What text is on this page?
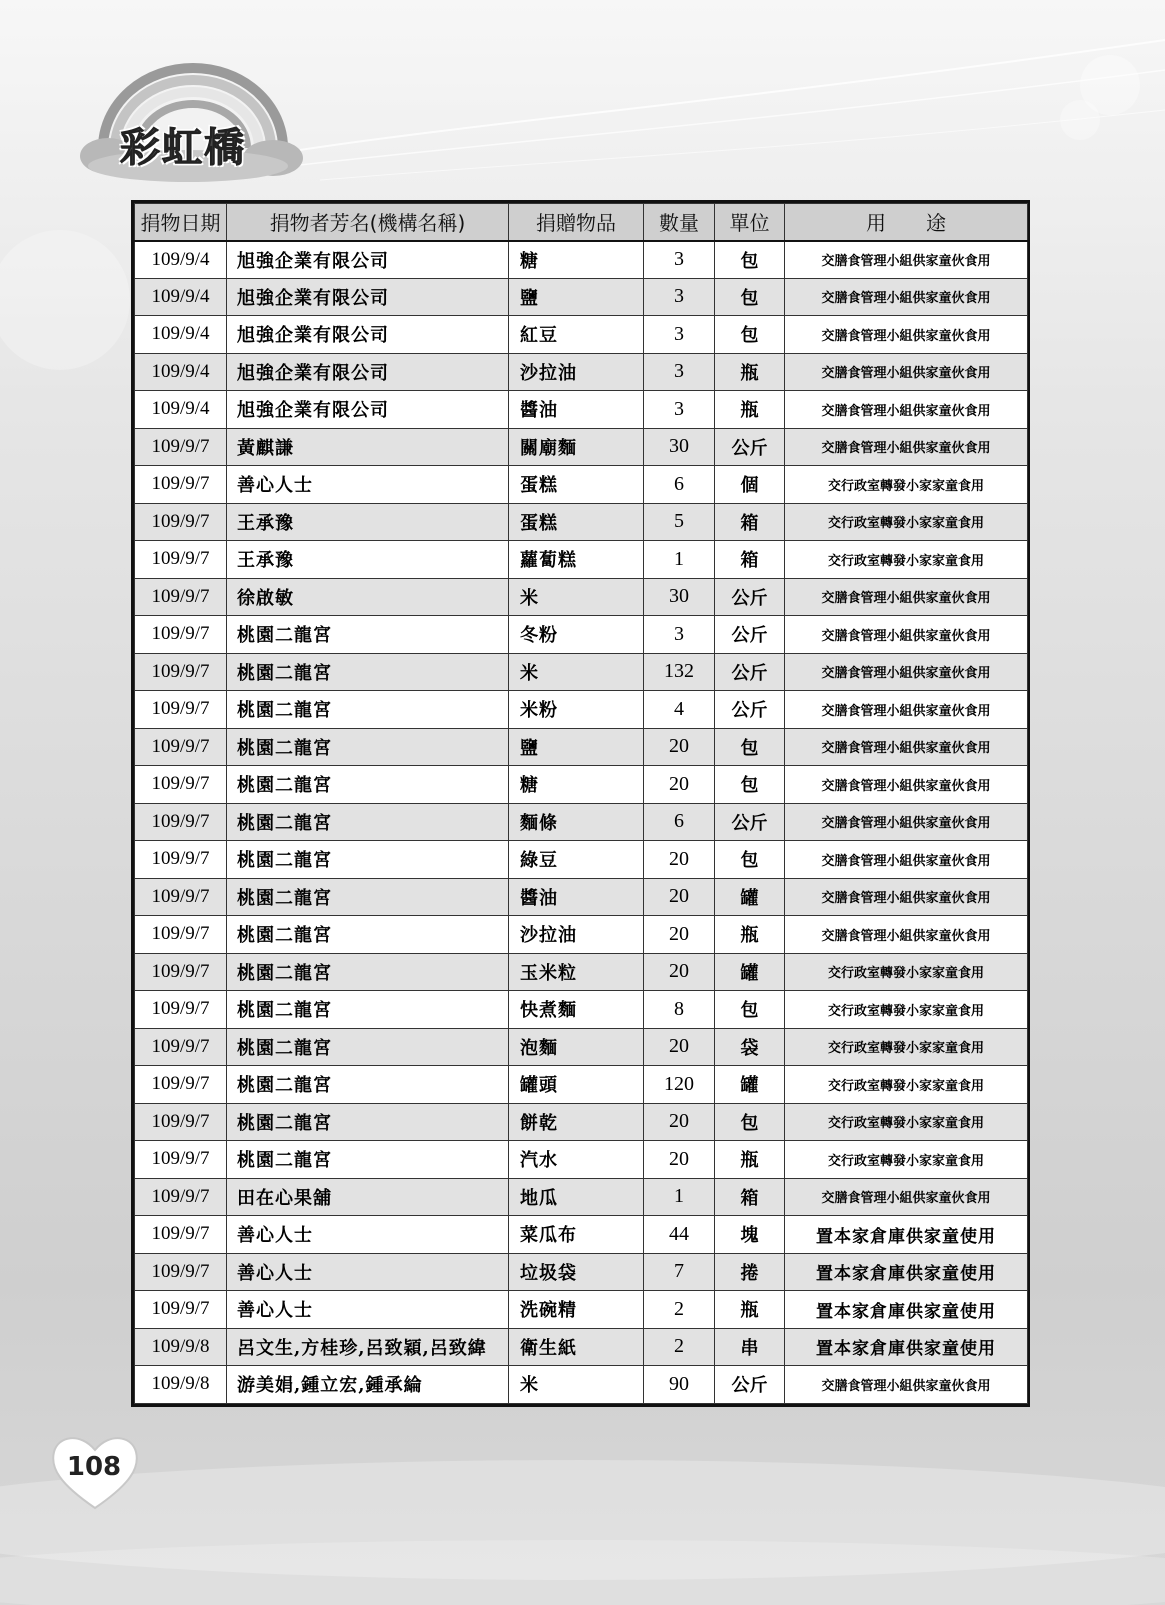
彩虹橋
捐物日期	捐物者芳名(機構名稱)	捐贈物品	數量	單位	用　　途
109/9/4	旭強企業有限公司	糖	3	包	交膳食管理小組供家童伙食用
109/9/4	旭強企業有限公司	鹽	3	包	交膳食管理小組供家童伙食用
109/9/4	旭強企業有限公司	紅豆	3	包	交膳食管理小組供家童伙食用
109/9/4	旭強企業有限公司	沙拉油	3	瓶	交膳食管理小組供家童伙食用
109/9/4	旭強企業有限公司	醬油	3	瓶	交膳食管理小組供家童伙食用
109/9/7	黃麒謙	關廟麵	30	公斤	交膳食管理小組供家童伙食用
109/9/7	善心人士	蛋糕	6	個	交行政室轉發小家家童食用
109/9/7	王承豫	蛋糕	5	箱	交行政室轉發小家家童食用
109/9/7	王承豫	蘿蔔糕	1	箱	交行政室轉發小家家童食用
109/9/7	徐啟敏	米	30	公斤	交膳食管理小組供家童伙食用
109/9/7	桃園二龍宮	冬粉	3	公斤	交膳食管理小組供家童伙食用
109/9/7	桃園二龍宮	米	132	公斤	交膳食管理小組供家童伙食用
109/9/7	桃園二龍宮	米粉	4	公斤	交膳食管理小組供家童伙食用
109/9/7	桃園二龍宮	鹽	20	包	交膳食管理小組供家童伙食用
109/9/7	桃園二龍宮	糖	20	包	交膳食管理小組供家童伙食用
109/9/7	桃園二龍宮	麵條	6	公斤	交膳食管理小組供家童伙食用
109/9/7	桃園二龍宮	綠豆	20	包	交膳食管理小組供家童伙食用
109/9/7	桃園二龍宮	醬油	20	罐	交膳食管理小組供家童伙食用
109/9/7	桃園二龍宮	沙拉油	20	瓶	交膳食管理小組供家童伙食用
109/9/7	桃園二龍宮	玉米粒	20	罐	交行政室轉發小家家童食用
109/9/7	桃園二龍宮	快煮麵	8	包	交行政室轉發小家家童食用
109/9/7	桃園二龍宮	泡麵	20	袋	交行政室轉發小家家童食用
109/9/7	桃園二龍宮	罐頭	120	罐	交行政室轉發小家家童食用
109/9/7	桃園二龍宮	餅乾	20	包	交行政室轉發小家家童食用
109/9/7	桃園二龍宮	汽水	20	瓶	交行政室轉發小家家童食用
109/9/7	田在心果舖	地瓜	1	箱	交膳食管理小組供家童伙食用
109/9/7	善心人士	菜瓜布	44	塊	置本家倉庫供家童使用
109/9/7	善心人士	垃圾袋	7	捲	置本家倉庫供家童使用
109/9/7	善心人士	洗碗精	2	瓶	置本家倉庫供家童使用
109/9/8	呂文生,方桂珍,呂致穎,呂致緯	衛生紙	2	串	置本家倉庫供家童使用
109/9/8	游美娟,鍾立宏,鍾承綸	米	90	公斤	交膳食管理小組供家童伙食用
108
